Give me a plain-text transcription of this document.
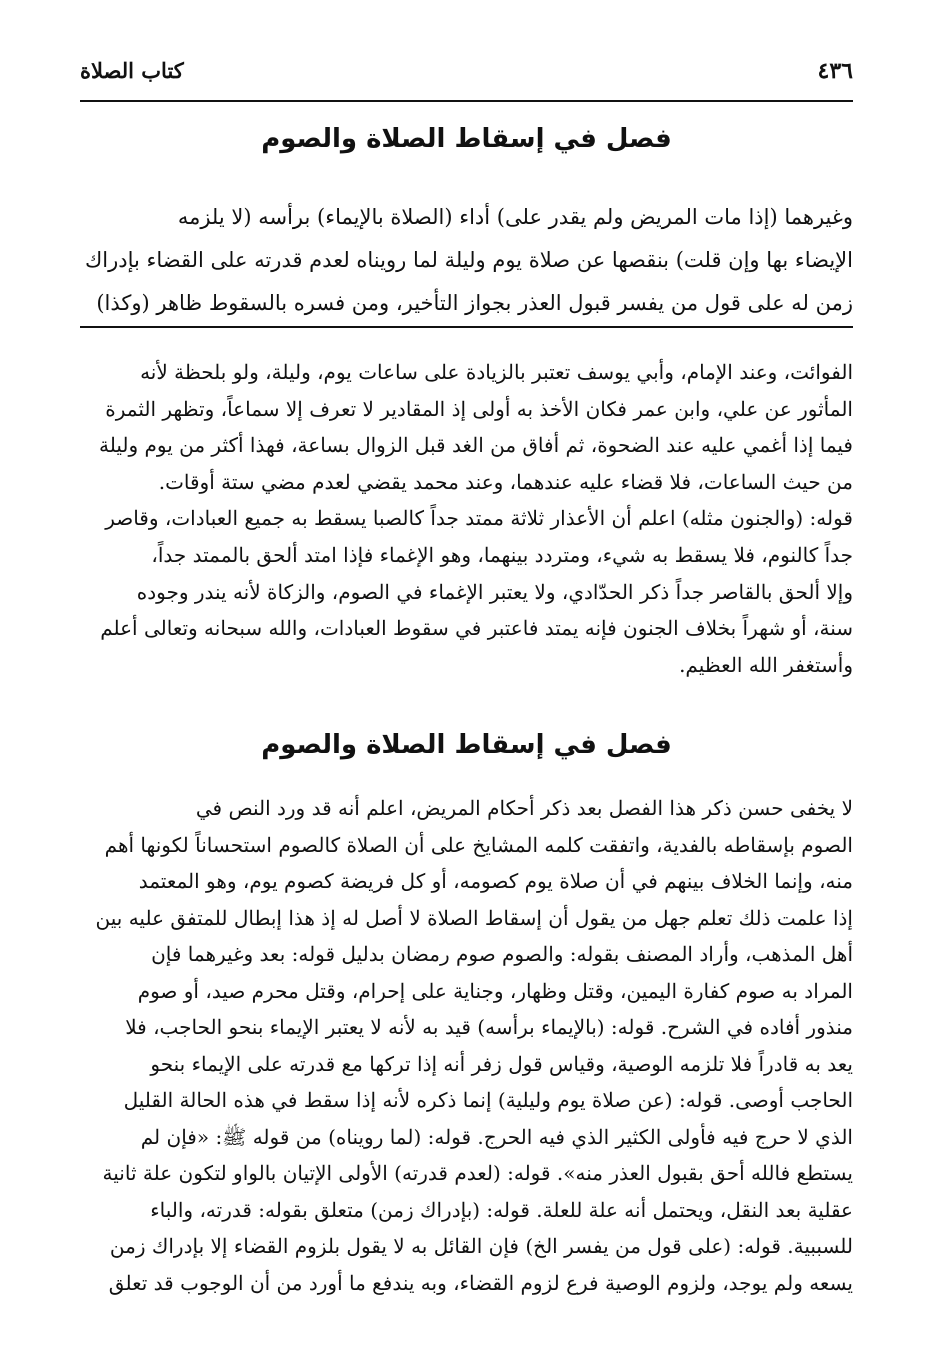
٤٣٦
كتاب الصلاة
فصل في إسقاط الصلاة والصوم
وغيرهما (إذا مات المريض ولم يقدر على) أداء (الصلاة بالإيماء) برأسه (لا يلزمه
الإيضاء بها وإن قلت) بنقصها عن صلاة يوم وليلة لما رويناه لعدم قدرته على القضاء بإدراك
زمن له على قول من يفسر قبول العذر بجواز التأخير، ومن فسره بالسقوط ظاهر (وكذا)
الفوائت، وعند الإمام، وأبي يوسف تعتبر بالزيادة على ساعات يوم، وليلة، ولو بلحظة لأنه
المأثور عن علي، وابن عمر فكان الأخذ به أولى إذ المقادير لا تعرف إلا سماعاً، وتظهر الثمرة
فيما إذا أغمي عليه عند الضحوة، ثم أفاق من الغد قبل الزوال بساعة، فهذا أكثر من يوم وليلة
من حيث الساعات، فلا قضاء عليه عندهما، وعند محمد يقضي لعدم مضي ستة أوقات.
قوله: (والجنون مثله) اعلم أن الأعذار ثلاثة ممتد جداً كالصبا يسقط به جميع العبادات، وقاصر
جداً كالنوم، فلا يسقط به شيء، ومتردد بينهما، وهو الإغماء فإذا امتد ألحق بالممتد جداً،
وإلا ألحق بالقاصر جداً ذكر الحدّادي، ولا يعتبر الإغماء في الصوم، والزكاة لأنه يندر وجوده
سنة، أو شهراً بخلاف الجنون فإنه يمتد فاعتبر في سقوط العبادات، والله سبحانه وتعالى أعلم
وأستغفر الله العظيم.
فصل في إسقاط الصلاة والصوم
لا يخفى حسن ذكر هذا الفصل بعد ذكر أحكام المريض، اعلم أنه قد ورد النص في
الصوم بإسقاطه بالفدية، واتفقت كلمه المشايخ على أن الصلاة كالصوم استحساناً لكونها أهم
منه، وإنما الخلاف بينهم في أن صلاة يوم كصومه، أو كل فريضة كصوم يوم، وهو المعتمد
إذا علمت ذلك تعلم جهل من يقول أن إسقاط الصلاة لا أصل له إذ هذا إبطال للمتفق عليه بين
أهل المذهب، وأراد المصنف بقوله: والصوم صوم رمضان بدليل قوله: بعد وغيرهما فإن
المراد به صوم كفارة اليمين، وقتل وظهار، وجناية على إحرام، وقتل محرم صيد، أو صوم
منذور أفاده في الشرح. قوله: (بالإيماء برأسه) قيد به لأنه لا يعتبر الإيماء بنحو الحاجب، فلا
يعد به قادراً فلا تلزمه الوصية، وقياس قول زفر أنه إذا تركها مع قدرته على الإيماء بنحو
الحاجب أوصى. قوله: (عن صلاة يوم وليلية) إنما ذكره لأنه إذا سقط في هذه الحالة القليل
الذي لا حرج فيه فأولى الكثير الذي فيه الحرج. قوله: (لما رويناه) من قوله ﷺ: «فإن لم
يستطع فالله أحق بقبول العذر منه». قوله: (لعدم قدرته) الأولى الإتيان بالواو لتكون علة ثانية
عقلية بعد النقل، ويحتمل أنه علة للعلة. قوله: (بإدراك زمن) متعلق بقوله: قدرته، والباء
للسببية. قوله: (على قول من يفسر الخ) فإن القائل به لا يقول بلزوم القضاء إلا بإدراك زمن
يسعه ولم يوجد، ولزوم الوصية فرع لزوم القضاء، وبه يندفع ما أورد من أن الوجوب قد تعلق
